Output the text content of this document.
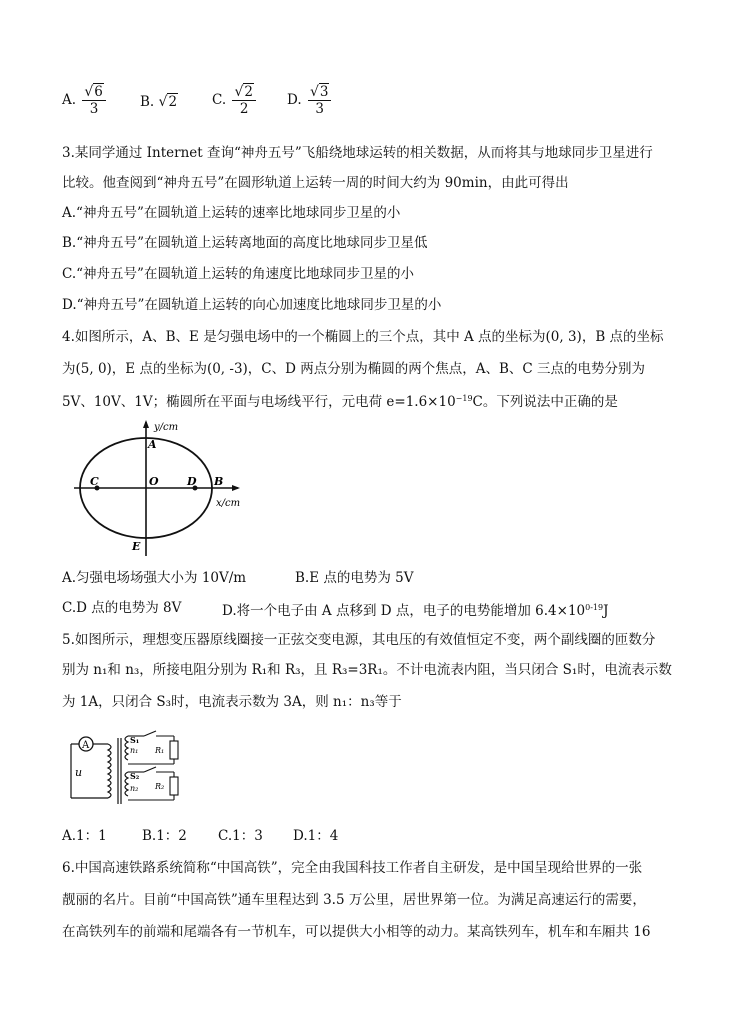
A. $\frac{√6}{3}$	B. √2	C. $\frac{√2}{2} D$. $\frac{√3}{3}$
3.某同学通过 Internet 查询“神舟五号”飞船绕地球运转的相关数据，从而将其与地球同步卫星进行
比较。他查阅到“神舟五号”在圆形轨道上运转一周的时间大约为 90min，由此可得出
A.“神舟五号”在圆轨道上运转的速率比地球同步卫星的小
B.“神舟五号”在圆轨道上运转离地面的高度比地球同步卫星低
C.“神舟五号”在圆轨道上运转的角速度比地球同步卫星的小
D.“神舟五号”在圆轨道上运转的向心加速度比地球同步卫星的小
4.如图所示，A、B、E 是匀强电场中的一个椭圆上的三个点，其中 A 点的坐标为(0, 3)，B 点的坐标
为(5, 0)，E 点的坐标为(0, -3)，C、D 两点分别为椭圆的两个焦点，A、B、C 三点的电势分别为
5V、10V、1V；椭圆所在平面与电场线平行，元电荷 $e=1.6\times 10^{-19}C$。下列说法中正确的是
y/cm
x/cm
A
B
C	D
E
O
A.匀强电场场强大小为 10V/m	B.E 点的电势为 5V
C.D 点的电势为 8V	D.将一个电子由 A 点移到 D 点，电子的电势能增加 $6.4\times 10^{0-19}J$
5.如图所示，理想变压器原线圈接一正弦交变电源，其电压的有效值恒定不变，两个副线圈的匝数分
别为 n₁和 n₃，所接电阻分别为 R₁和 R₃，且 R₃=3R₁。不计电流表内阻，当只闭合 S₁时，电流表示数
为 1A，只闭合 S₃时，电流表示数为 3A，则 n₁：n₃等于
A
u
S₁
n₁ R₁
S₂
n₂ R₂
A.1：1	B.1：2 C.1：3 D.1：4
6.中国高速铁路系统简称“中国高铁”，完全由我国科技工作者自主研发，是中国呈现给世界的一张
靓丽的名片。目前“中国高铁”通车里程达到 3.5 万公里，居世界第一位。为满足高速运行的需要，
在高铁列车的前端和尾端各有一节机车，可以提供大小相等的动力。某高铁列车，机车和车厢共 16
